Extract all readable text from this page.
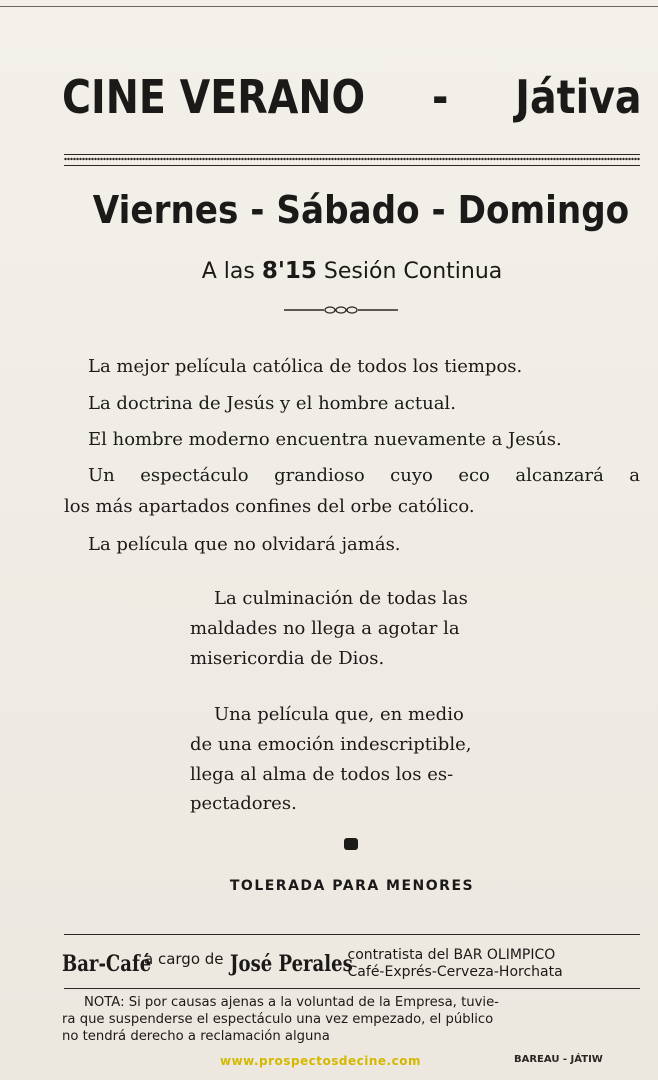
CINE VERANO - Játiva
Viernes - Sábado - Domingo
A las 8'15 Sesión Continua
La mejor película católica de todos los tiempos.
La doctrina de Jesús y el hombre actual.
El hombre moderno encuentra nuevamente a Jesús.
Un espectáculo grandioso cuyo eco alcanzará a
los más apartados confines del orbe católico.
La película que no olvidará jamás.
La culminación de todas las
maldades no llega a agotar la
misericordia de Dios.
Una película que, en medio
de una emoción indescriptible,
llega al alma de todos los es-
pectadores.
TOLERADA PARA MENORES
Bar-Café
a cargo de José Perales
contratista del BAR OLIMPICO
Café-Exprés-Cerveza-Horchata
NOTA: Si por causas ajenas a la voluntad de la Empresa, tuvie-
ra que suspenderse el espectáculo una vez empezado, el público
no tendrá derecho a reclamación alguna
www.prospectosdecine.com	BAREAU - JÁTIW
